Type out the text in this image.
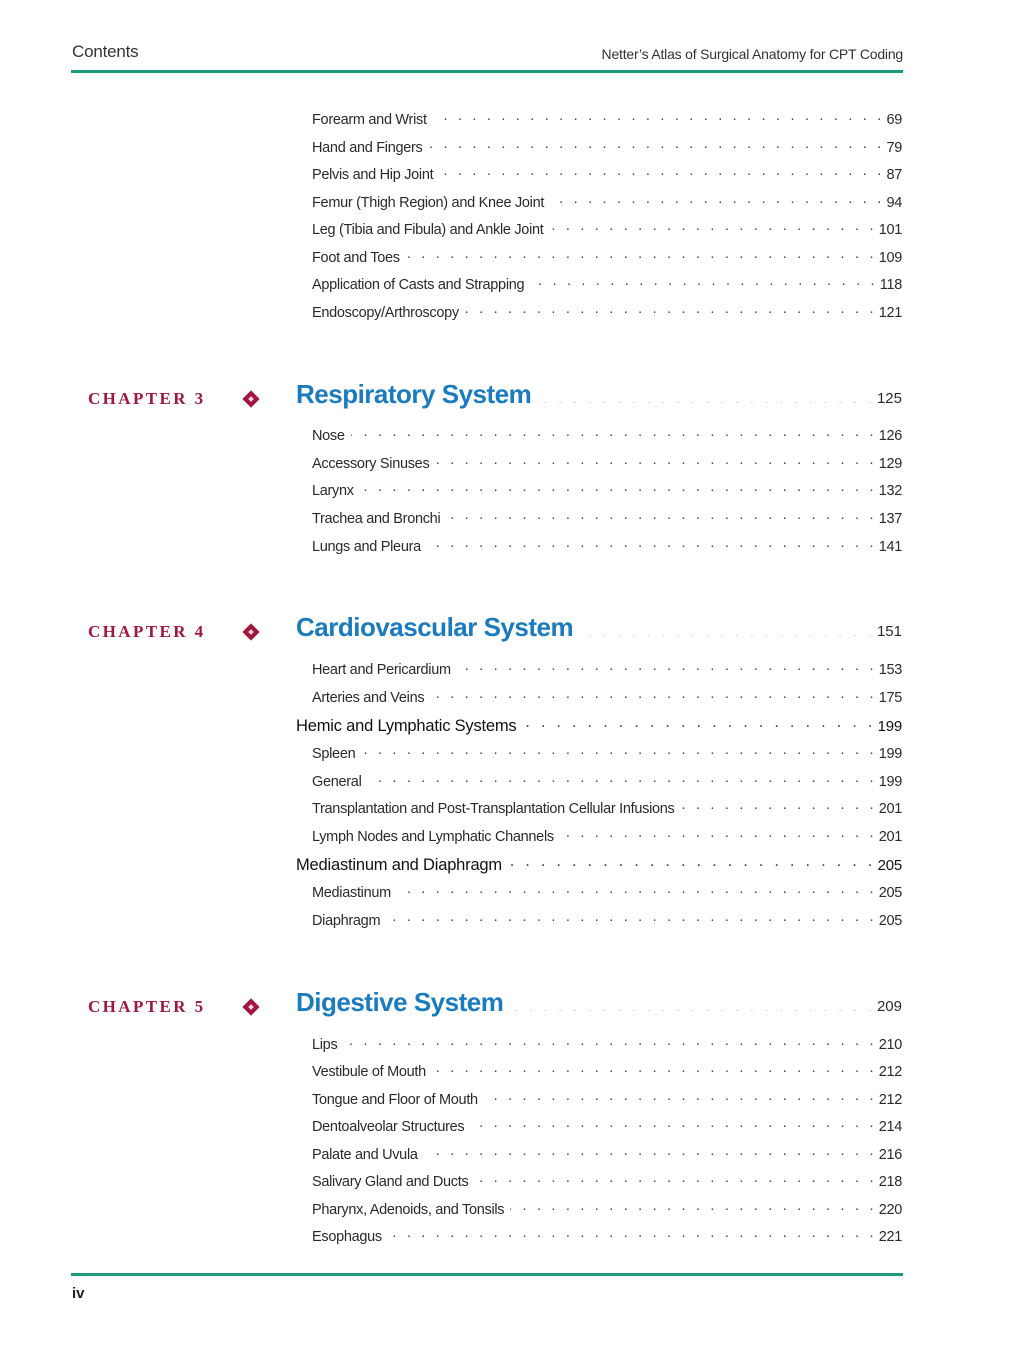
Contents	Netter’s Atlas of Surgical Anatomy for CPT Coding
Forearm and Wrist . . .	69
Hand and Fingers . . .	79
Pelvis and Hip Joint . . .	87
Femur (Thigh Region) and Knee Joint . . .	94
Leg (Tibia and Fibula) and Ankle Joint . . .	101
Foot and Toes . . .	109
Application of Casts and Strapping . . .	118
Endoscopy/Arthroscopy . . .	121
CHAPTER 3	Respiratory System . . .	125
Nose . . .	126
Accessory Sinuses . . .	129
Larynx . . .	132
Trachea and Bronchi . . .	137
Lungs and Pleura . . .	141
CHAPTER 4	Cardiovascular System . . .	151
Heart and Pericardium . . .	153
Arteries and Veins . . .	175
Hemic and Lymphatic Systems . . .	199
Spleen . . .	199
General . . .	199
Transplantation and Post-Transplantation Cellular Infusions . . .	201
Lymph Nodes and Lymphatic Channels . . .	201
Mediastinum and Diaphragm . . .	205
Mediastinum . . .	205
Diaphragm . . .	205
CHAPTER 5	Digestive System . . .	209
Lips . . .	210
Vestibule of Mouth . . .	212
Tongue and Floor of Mouth . . .	212
Dentoalveolar Structures . . .	214
Palate and Uvula . . .	216
Salivary Gland and Ducts . . .	218
Pharynx, Adenoids, and Tonsils . . .	220
Esophagus . . .	221
iv
